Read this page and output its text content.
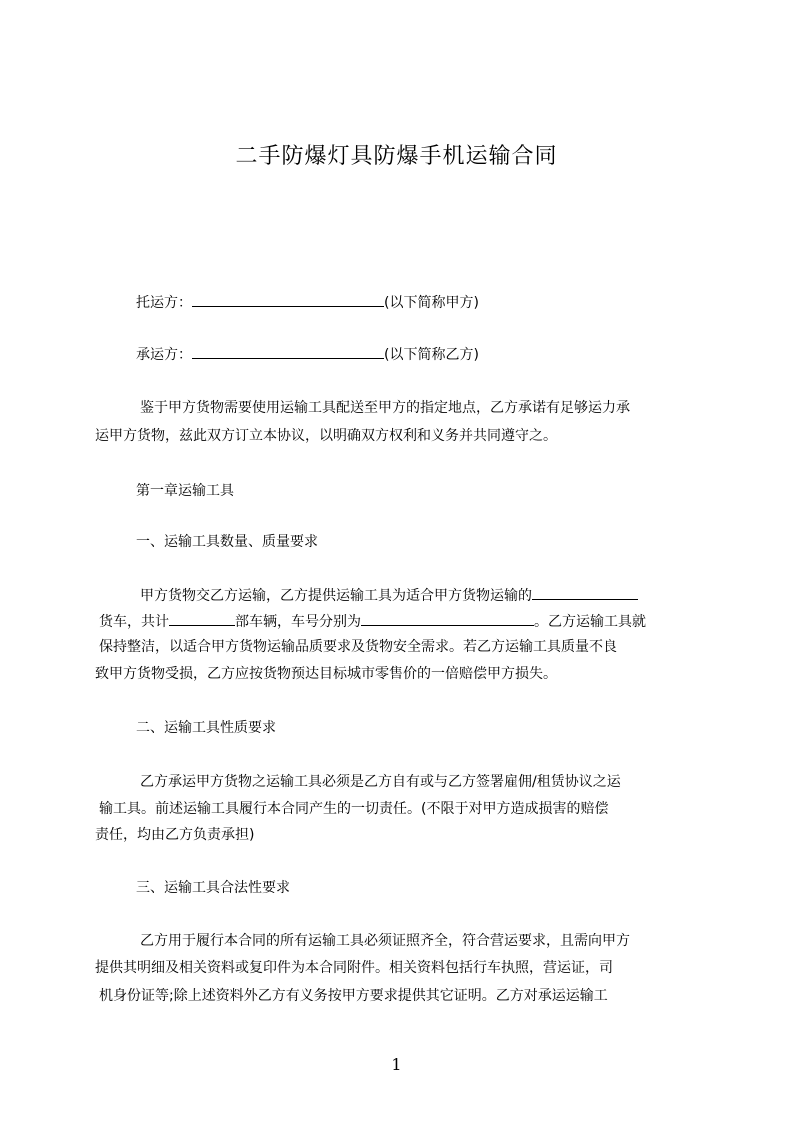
二手防爆灯具防爆手机运输合同
托运方：	(以下简称甲方)
承运方：	(以下简称乙方)
鉴于甲方货物需要使用运输工具配送至甲方的指定地点，乙方承诺有足够运力承
运甲方货物，兹此双方订立本协议，以明确双方权利和义务并共同遵守之。
第一章运输工具
一、运输工具数量、质量要求
甲方货物交乙方运输，乙方提供运输工具为适合甲方货物运输的
货车，共计	部车辆，车号分别为	。乙方运输工具就
保持整洁，以适合甲方货物运输品质要求及货物安全需求。若乙方运输工具质量不良
致甲方货物受损，乙方应按货物预达目标城市零售价的一倍赔偿甲方损失。
二、运输工具性质要求
乙方承运甲方货物之运输工具必须是乙方自有或与乙方签署雇佣/租赁协议之运
输工具。前述运输工具履行本合同产生的一切责任。(不限于对甲方造成损害的赔偿
责任，均由乙方负责承担)
三、运输工具合法性要求
乙方用于履行本合同的所有运输工具必须证照齐全，符合营运要求，且需向甲方
提供其明细及相关资料或复印件为本合同附件。相关资料包括行车执照，营运证，司
机身份证等;除上述资料外乙方有义务按甲方要求提供其它证明。乙方对承运运输工
1
